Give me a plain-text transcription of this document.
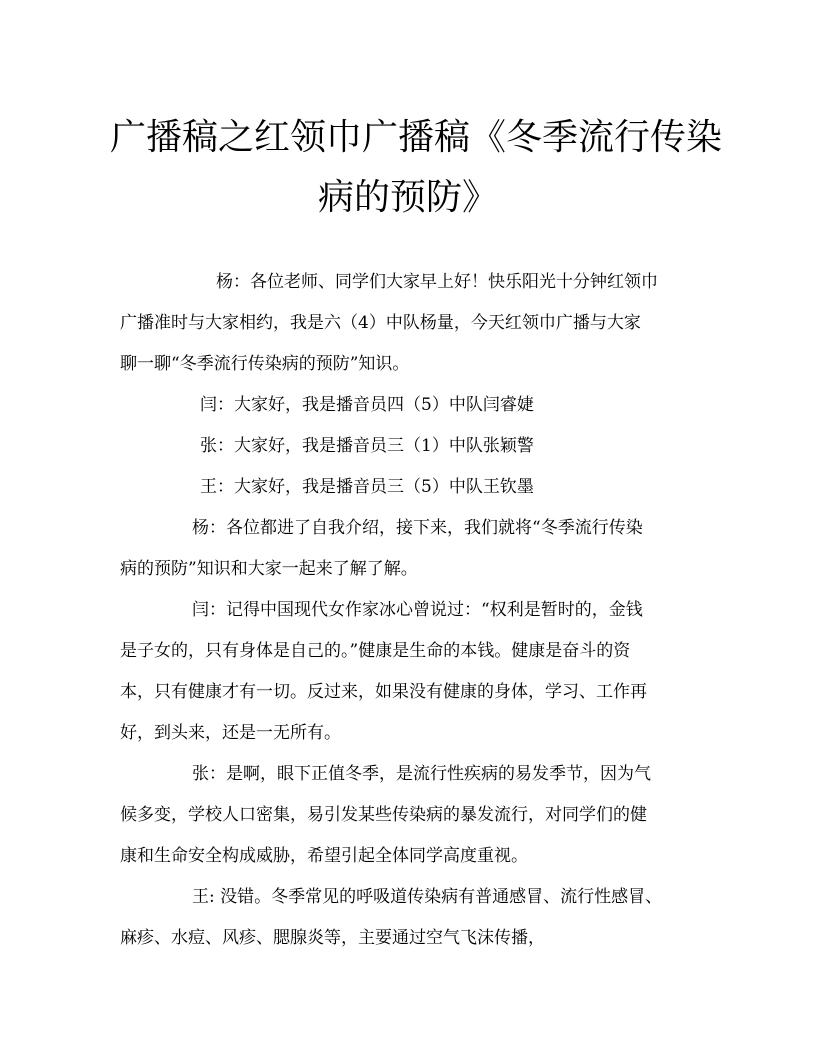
广播稿之红领巾广播稿《冬季流行传染
病的预防》

杨：各位老师、同学们大家早上好！快乐阳光十分钟红领巾
广播准时与大家相约，我是六（4）中队杨量，今天红领巾广播与大家
聊一聊“冬季流行传染病的预防”知识。

闫：大家好，我是播音员四（5）中队闫睿婕

张：大家好，我是播音员三（1）中队张颖警

王：大家好，我是播音员三（5）中队王钦墨

杨：各位都进了自我介绍，接下来，我们就将“冬季流行传染
病的预防”知识和大家一起来了解了解。

闫：记得中国现代女作家冰心曾说过：“权利是暂时的，金钱
是子女的，只有身体是自己的。”健康是生命的本钱。健康是奋斗的资
本，只有健康才有一切。反过来，如果没有健康的身体，学习、工作再
好，到头来，还是一无所有。

张：是啊，眼下正值冬季，是流行性疾病的易发季节，因为气
候多变，学校人口密集，易引发某些传染病的暴发流行，对同学们的健
康和生命安全构成威胁，希望引起全体同学高度重视。

王: 没错。冬季常见的呼吸道传染病有普通感冒、流行性感冒、
麻疹、水痘、风疹、腮腺炎等，主要通过空气飞沫传播，
